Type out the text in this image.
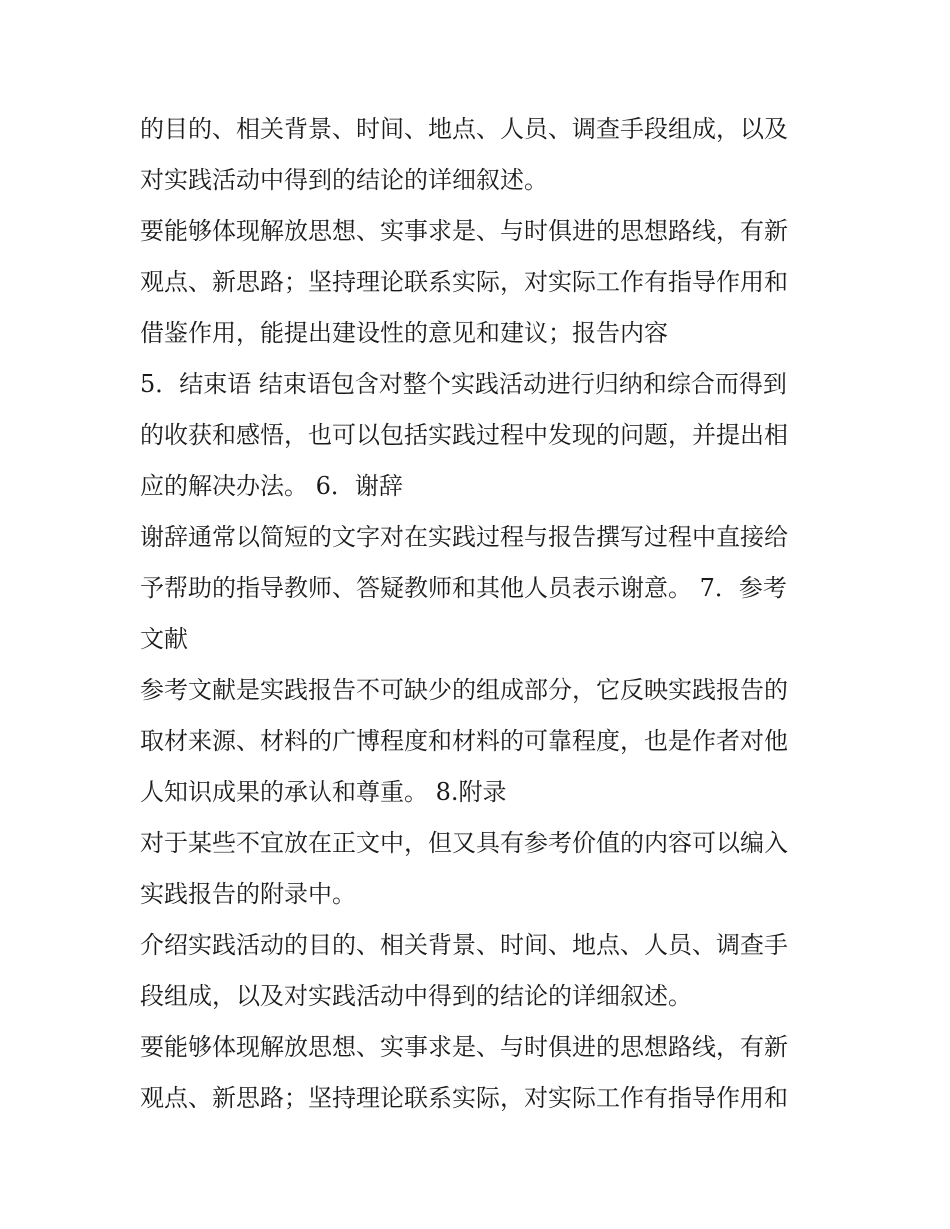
的目的、相关背景、时间、地点、人员、调查手段组成，以及
对实践活动中得到的结论的详细叙述。
要能够体现解放思想、实事求是、与时俱进的思想路线，有新
观点、新思路；坚持理论联系实际，对实际工作有指导作用和
借鉴作用，能提出建设性的意见和建议；报告内容
5．结束语 结束语包含对整个实践活动进行归纳和综合而得到
的收获和感悟，也可以包括实践过程中发现的问题，并提出相
应的解决办法。 6．谢辞
谢辞通常以简短的文字对在实践过程与报告撰写过程中直接给
予帮助的指导教师、答疑教师和其他人员表示谢意。 7．参考
文献
参考文献是实践报告不可缺少的组成部分，它反映实践报告的
取材来源、材料的广博程度和材料的可靠程度，也是作者对他
人知识成果的承认和尊重。 8.附录
对于某些不宜放在正文中，但又具有参考价值的内容可以编入
实践报告的附录中。
介绍实践活动的目的、相关背景、时间、地点、人员、调查手
段组成，以及对实践活动中得到的结论的详细叙述。
要能够体现解放思想、实事求是、与时俱进的思想路线，有新
观点、新思路；坚持理论联系实际，对实际工作有指导作用和
